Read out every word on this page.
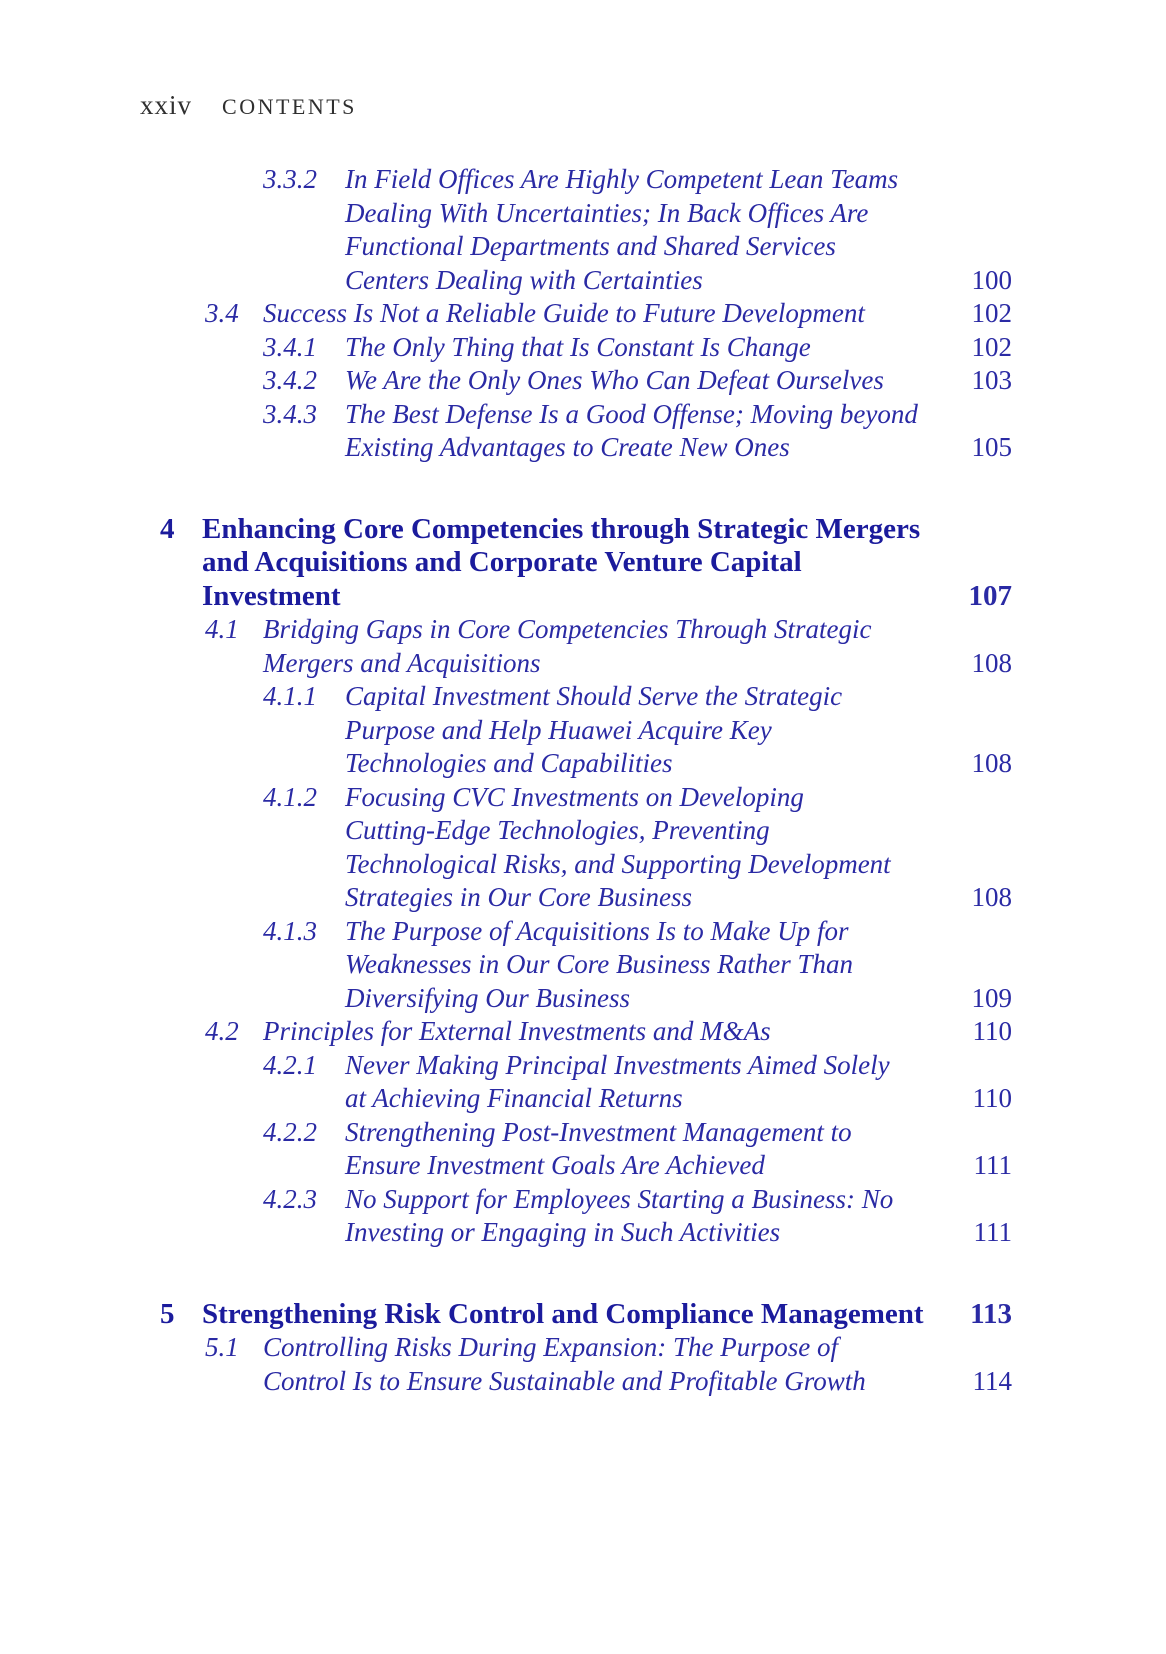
xxiv CONTENTS
3.3.2	In Field Offices Are Highly Competent Lean Teams
Dealing With Uncertainties; In Back Offices Are
Functional Departments and Shared Services
Centers Dealing with Certainties	100
3.4 Success Is Not a Reliable Guide to Future Development	102
3.4.1	The Only Thing that Is Constant Is Change	102
3.4.2	We Are the Only Ones Who Can Defeat Ourselves	103
3.4.3	The Best Defense Is a Good Offense; Moving beyond
Existing Advantages to Create New Ones	105
4 Enhancing Core Competencies through Strategic Mergers
and Acquisitions and Corporate Venture Capital
Investment	107
4.1 Bridging Gaps in Core Competencies Through Strategic
Mergers and Acquisitions	108
4.1.1	Capital Investment Should Serve the Strategic
Purpose and Help Huawei Acquire Key
Technologies and Capabilities	108
4.1.2	Focusing CVC Investments on Developing
Cutting-Edge Technologies, Preventing
Technological Risks, and Supporting Development
Strategies in Our Core Business	108
4.1.3	The Purpose of Acquisitions Is to Make Up for
Weaknesses in Our Core Business Rather Than
Diversifying Our Business	109
4.2 Principles for External Investments and M&As	110
4.2.1	Never Making Principal Investments Aimed Solely
at Achieving Financial Returns	110
4.2.2	Strengthening Post-Investment Management to
Ensure Investment Goals Are Achieved	111
4.2.3	No Support for Employees Starting a Business: No
Investing or Engaging in Such Activities	111
5 Strengthening Risk Control and Compliance Management	113
5.1 Controlling Risks During Expansion: The Purpose of
Control Is to Ensure Sustainable and Profitable Growth	114
